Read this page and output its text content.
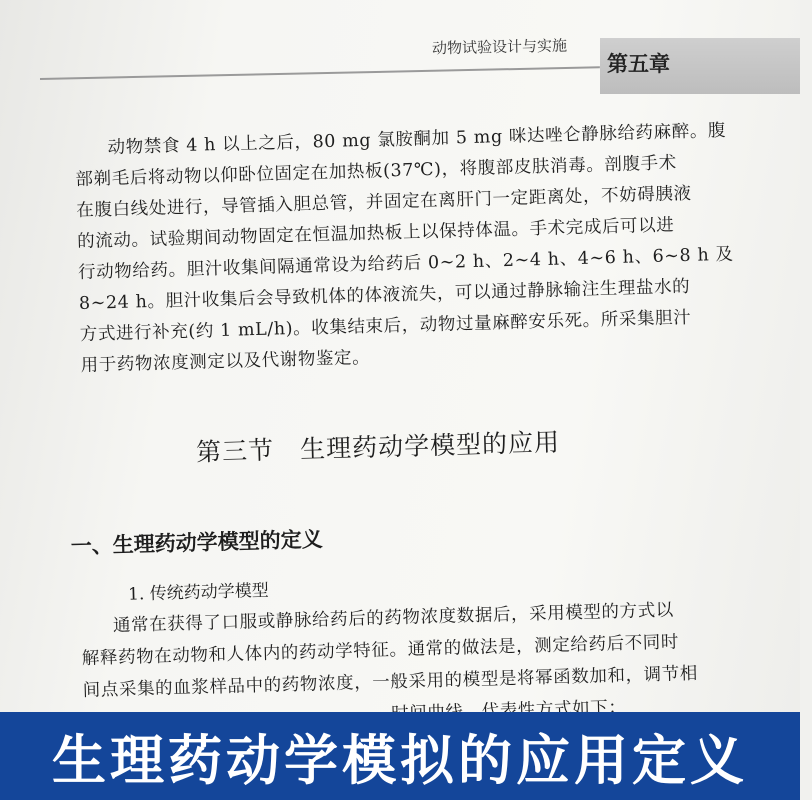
动物试验设计与实施
第五章
动物禁食 4 h 以上之后，80 mg 氯胺酮加 5 mg 咪达唑仑静脉给药麻醉。腹
部剃毛后将动物以仰卧位固定在加热板(37℃)，将腹部皮肤消毒。剖腹手术
在腹白线处进行，导管插入胆总管，并固定在离肝门一定距离处，不妨碍胰液
的流动。试验期间动物固定在恒温加热板上以保持体温。手术完成后可以进
行动物给药。胆汁收集间隔通常设为给药后 0~2 h、2~4 h、4~6 h、6~8 h 及
8~24 h。胆汁收集后会导致机体的体液流失，可以通过静脉输注生理盐水的
方式进行补充(约 1 mL/h)。收集结束后，动物过量麻醉安乐死。所采集胆汁
用于药物浓度测定以及代谢物鉴定。
第三节　生理药动学模型的应用
一、生理药动学模型的定义
1. 传统药动学模型
通常在获得了口服或静脉给药后的药物浓度数据后，采用模型的方式以
解释药物在动物和人体内的药动学特征。通常的做法是，测定给药后不同时
间点采集的血浆样品中的药物浓度，一般采用的模型是将幂函数加和，调节相
生理药动学模拟的应用定义
